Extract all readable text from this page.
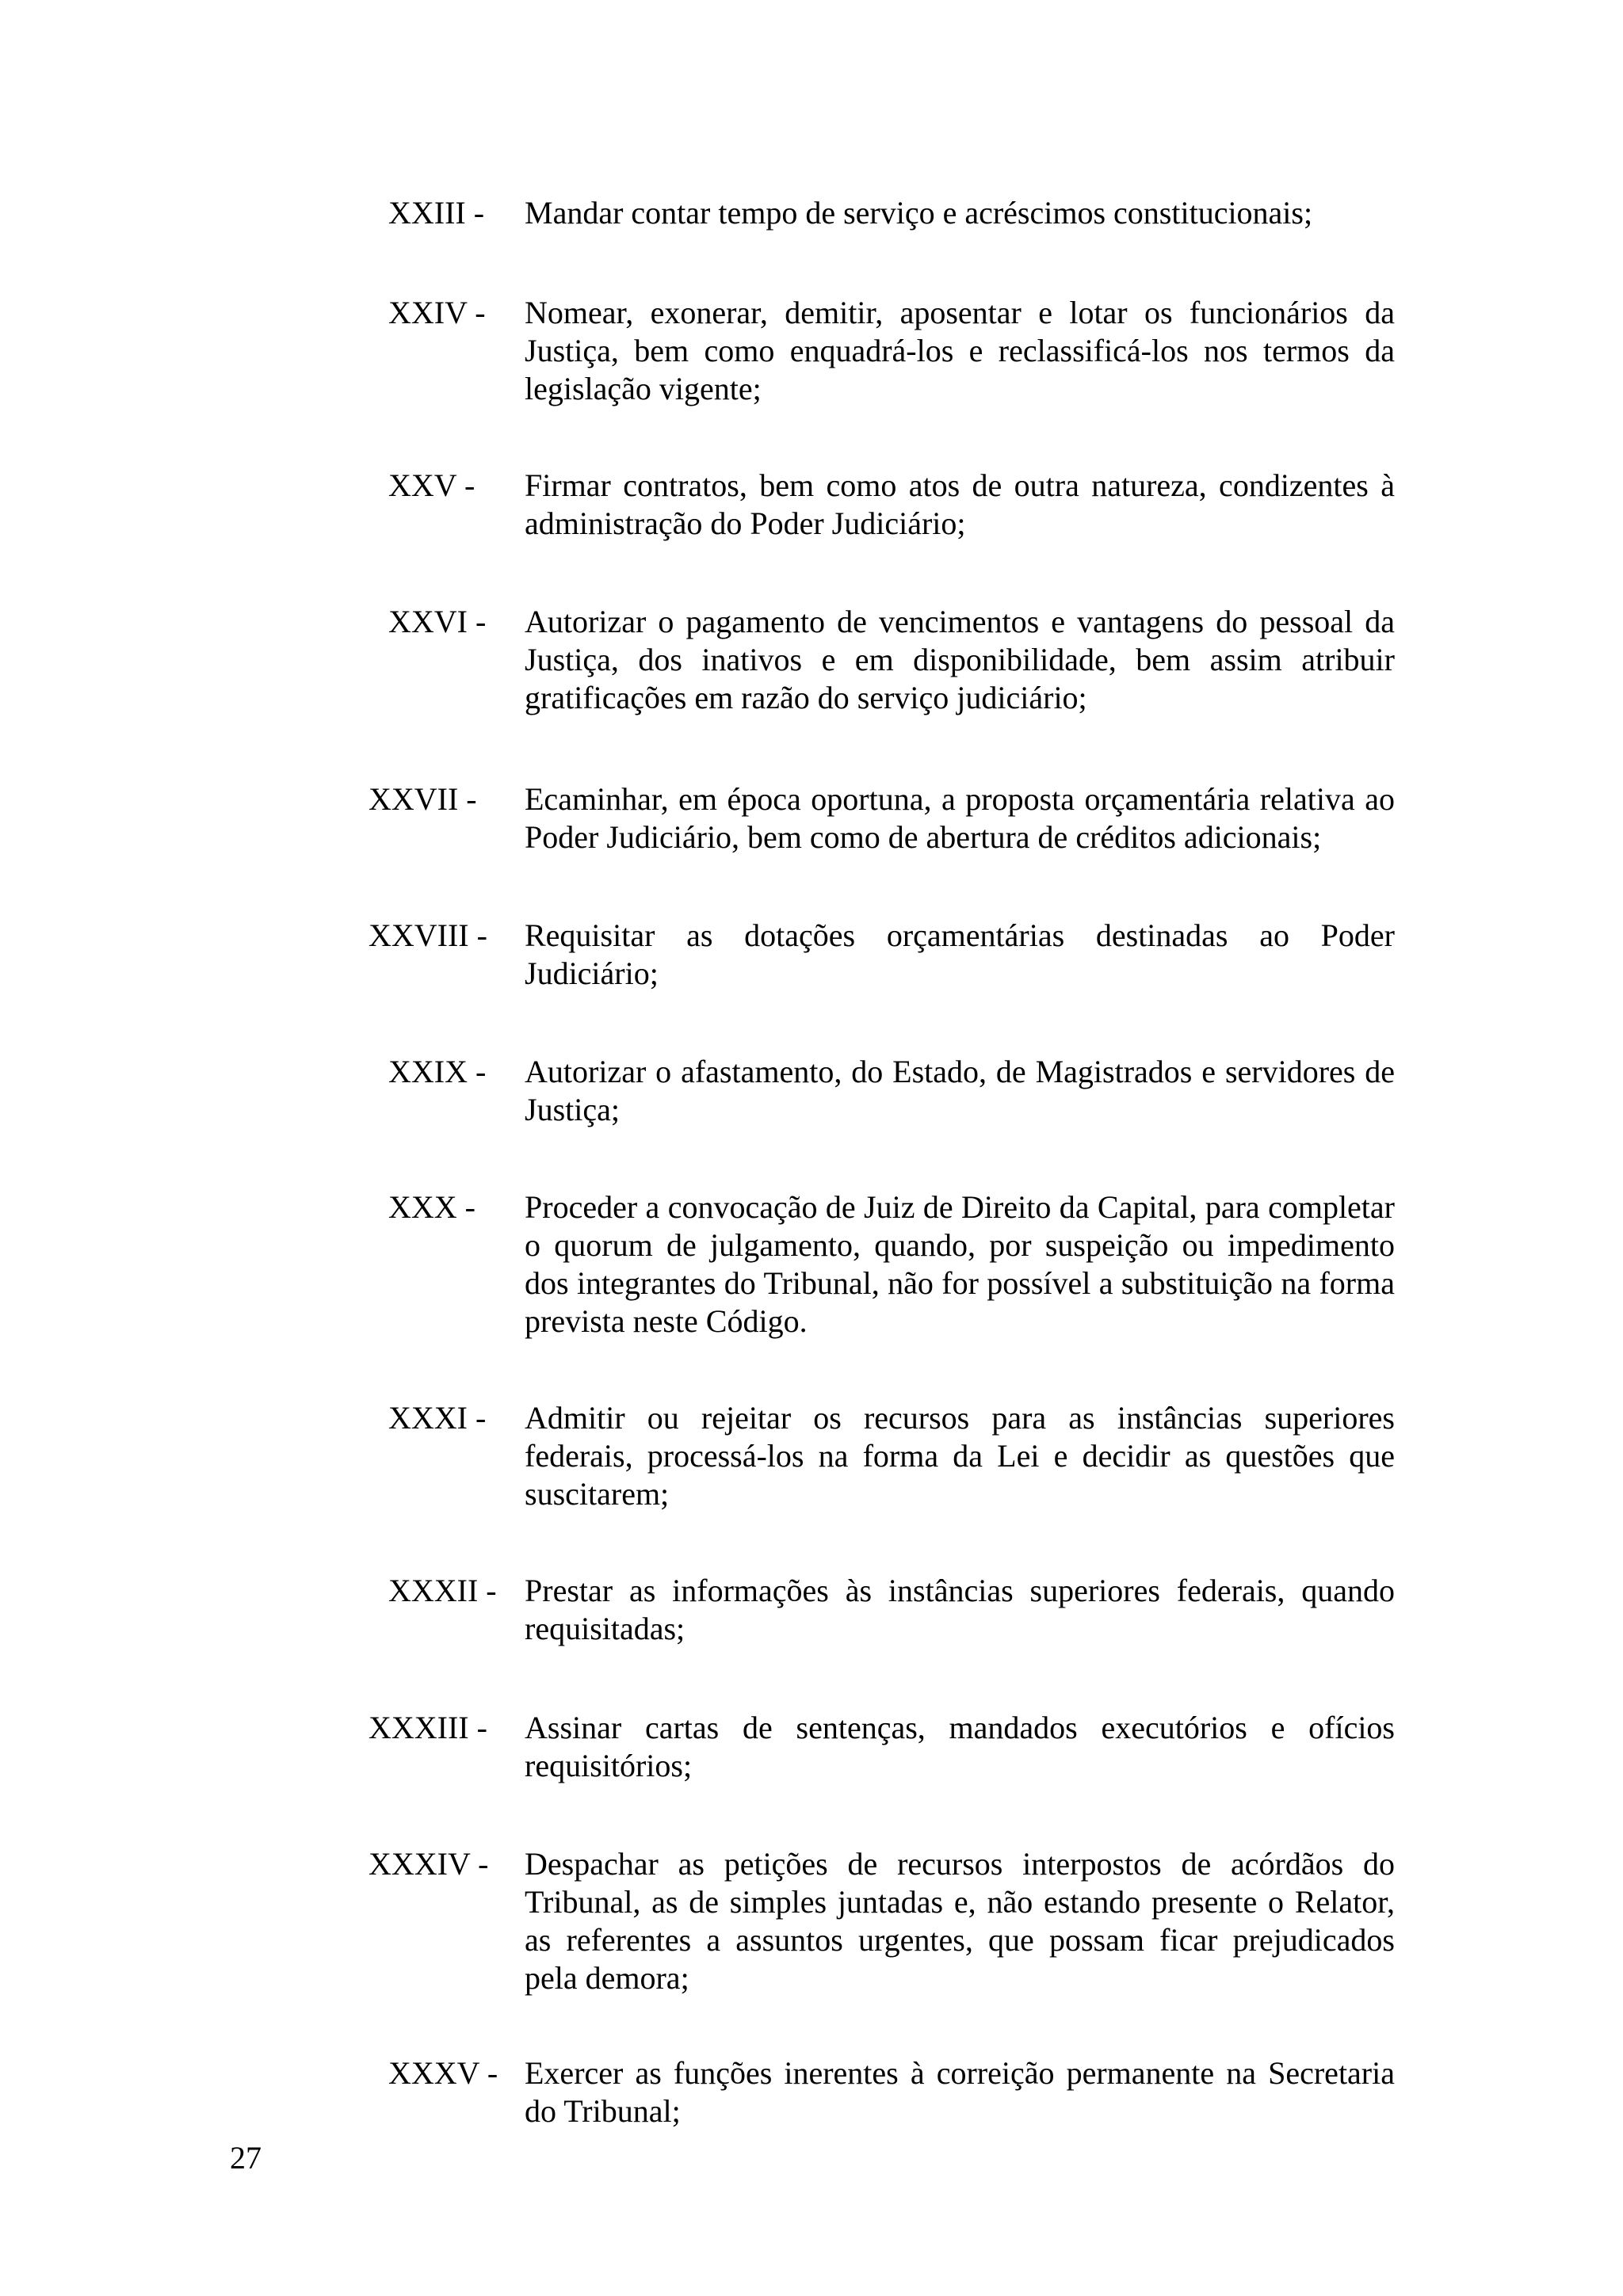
XXIII - Mandar contar tempo de serviço e acréscimos constitucionais;
XXIV - Nomear, exonerar, demitir, aposentar e lotar os funcionários da Justiça, bem como enquadrá-los e reclassificá-los nos termos da legislação vigente;
XXV - Firmar contratos, bem como atos de outra natureza, condizentes à administração do Poder Judiciário;
XXVI - Autorizar o pagamento de vencimentos e vantagens do pessoal da Justiça, dos inativos e em disponibilidade, bem assim atribuir gratificações em razão do serviço judiciário;
XXVII - Ecaminhar, em época oportuna, a proposta orçamentária relativa ao Poder Judiciário, bem como de abertura de créditos adicionais;
XXVIII - Requisitar as dotações orçamentárias destinadas ao Poder Judiciário;
XXIX - Autorizar o afastamento, do Estado, de Magistrados e servidores de Justiça;
XXX - Proceder a convocação de Juiz de Direito da Capital, para completar o quorum de julgamento, quando, por suspeição ou impedimento dos integrantes do Tribunal, não for possível a substituição na forma prevista neste Código.
XXXI - Admitir ou rejeitar os recursos para as instâncias superiores federais, processá-los na forma da Lei e decidir as questões que suscitarem;
XXXII - Prestar as informações às instâncias superiores federais, quando requisitadas;
XXXIII - Assinar cartas de sentenças, mandados executórios e ofícios requisitórios;
XXXIV - Despachar as petições de recursos interpostos de acórdãos do Tribunal, as de simples juntadas e, não estando presente o Relator, as referentes a assuntos urgentes, que possam ficar prejudicados pela demora;
XXXV - Exercer as funções inerentes à correição permanente na Secretaria do Tribunal;
27
